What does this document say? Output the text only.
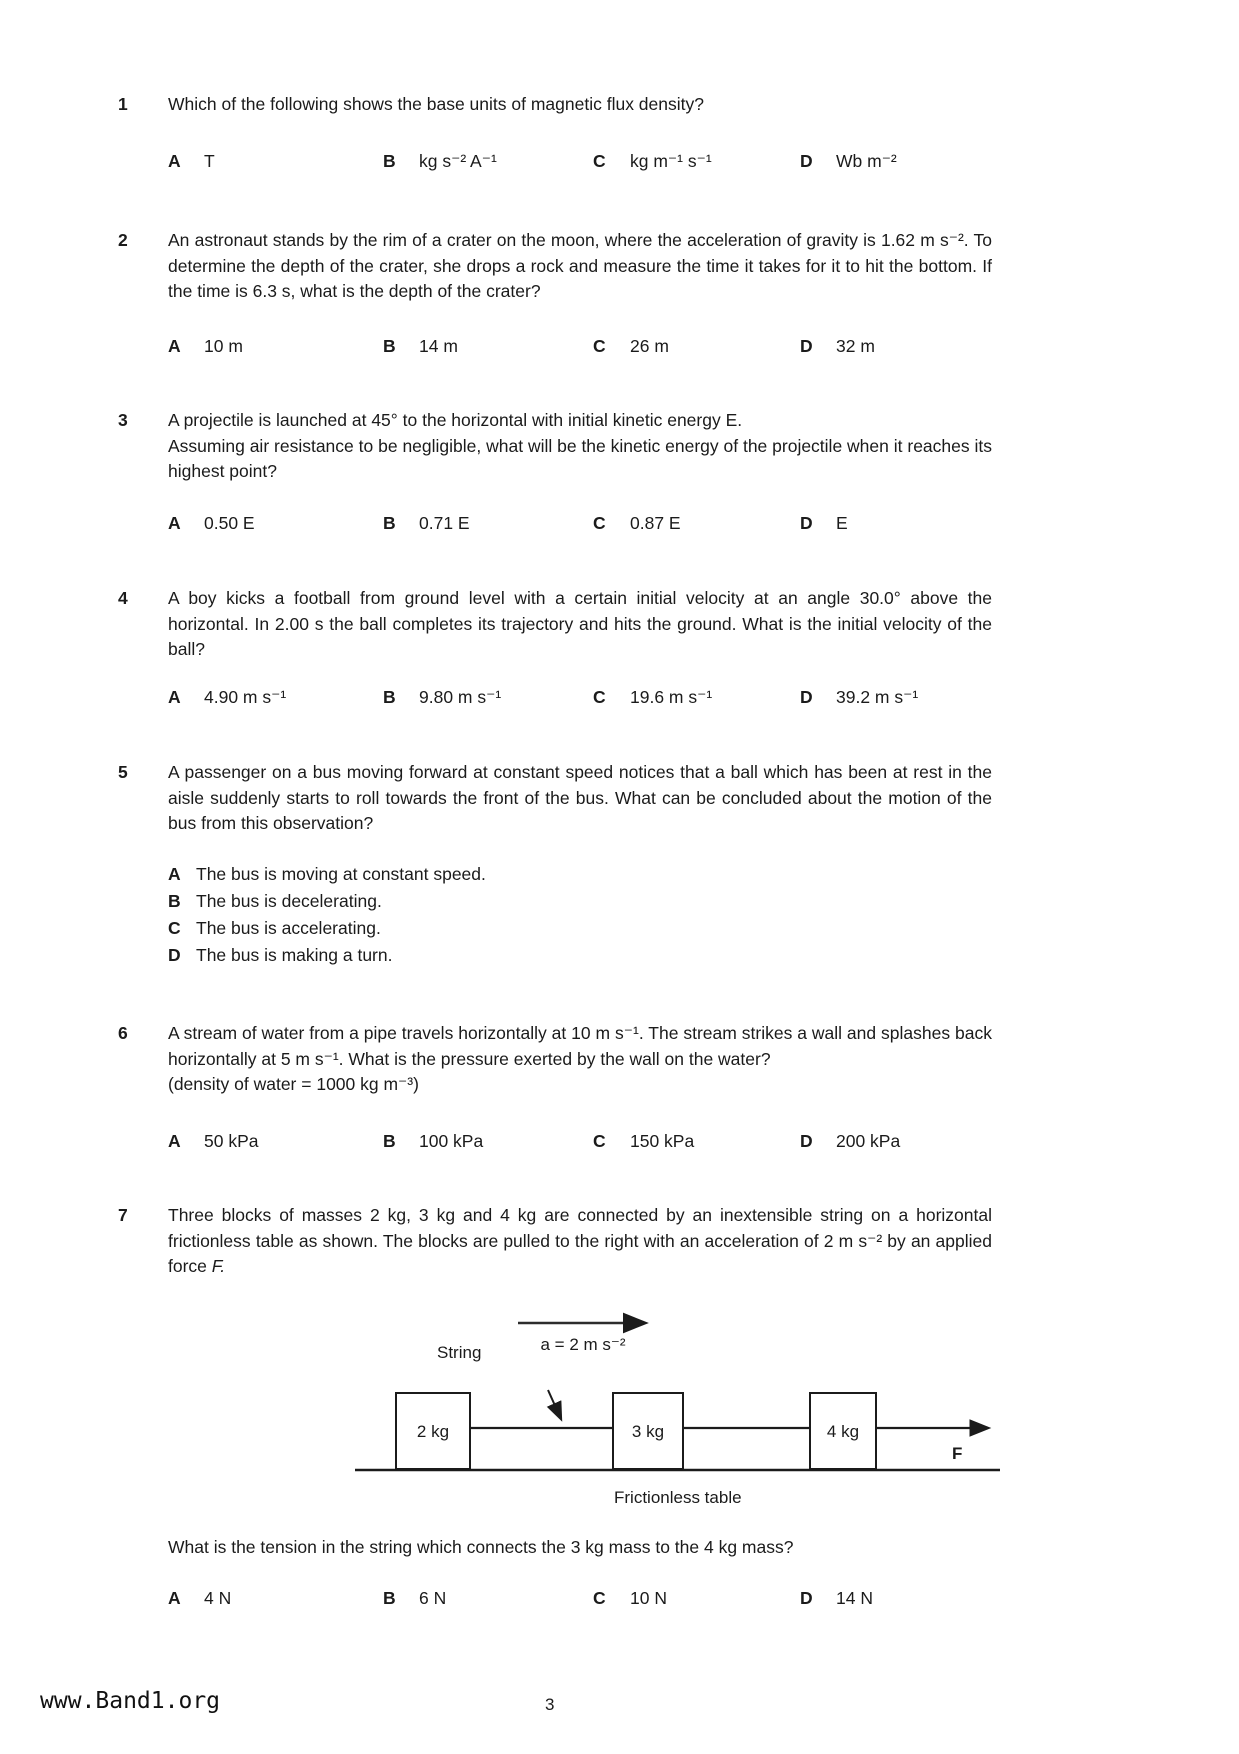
1	Which of the following shows the base units of magnetic flux density?
A T	B kg s⁻² A⁻¹	C kg m⁻¹ s⁻¹	D Wb m⁻²
2	An astronaut stands by the rim of a crater on the moon, where the acceleration of gravity is 1.62 m s⁻². To determine the depth of the crater, she drops a rock and measure the time it takes for it to hit the bottom. If the time is 6.3 s, what is the depth of the crater?
A 10 m	B 14 m	C 26 m	D 32 m
3	A projectile is launched at 45° to the horizontal with initial kinetic energy E.
Assuming air resistance to be negligible, what will be the kinetic energy of the projectile when it reaches its highest point?
A 0.50 E	B 0.71 E	C 0.87 E	D E
4	A boy kicks a football from ground level with a certain initial velocity at an angle 30.0° above the horizontal. In 2.00 s the ball completes its trajectory and hits the ground. What is the initial velocity of the ball?
A 4.90 m s⁻¹	B 9.80 m s⁻¹	C 19.6 m s⁻¹	D 39.2 m s⁻¹
5	A passenger on a bus moving forward at constant speed notices that a ball which has been at rest in the aisle suddenly starts to roll towards the front of the bus. What can be concluded about the motion of the bus from this observation?
A The bus is moving at constant speed.
B The bus is decelerating.
C The bus is accelerating.
D The bus is making a turn.
6	A stream of water from a pipe travels horizontally at 10 m s⁻¹. The stream strikes a wall and splashes back horizontally at 5 m s⁻¹. What is the pressure exerted by the wall on the water?
(density of water = 1000 kg m⁻³)
A 50 kPa	B 100 kPa	C 150 kPa	D 200 kPa
7	Three blocks of masses 2 kg, 3 kg and 4 kg are connected by an inextensible string on a horizontal frictionless table as shown. The blocks are pulled to the right with an acceleration of 2 m s⁻² by an applied force F.
a = 2 m s⁻²
String
F
2 kg	3 kg	4 kg
Frictionless table
What is the tension in the string which connects the 3 kg mass to the 4 kg mass?
A 4 N	B 6 N	C 10 N	D 14 N
www.Band1.org	3
